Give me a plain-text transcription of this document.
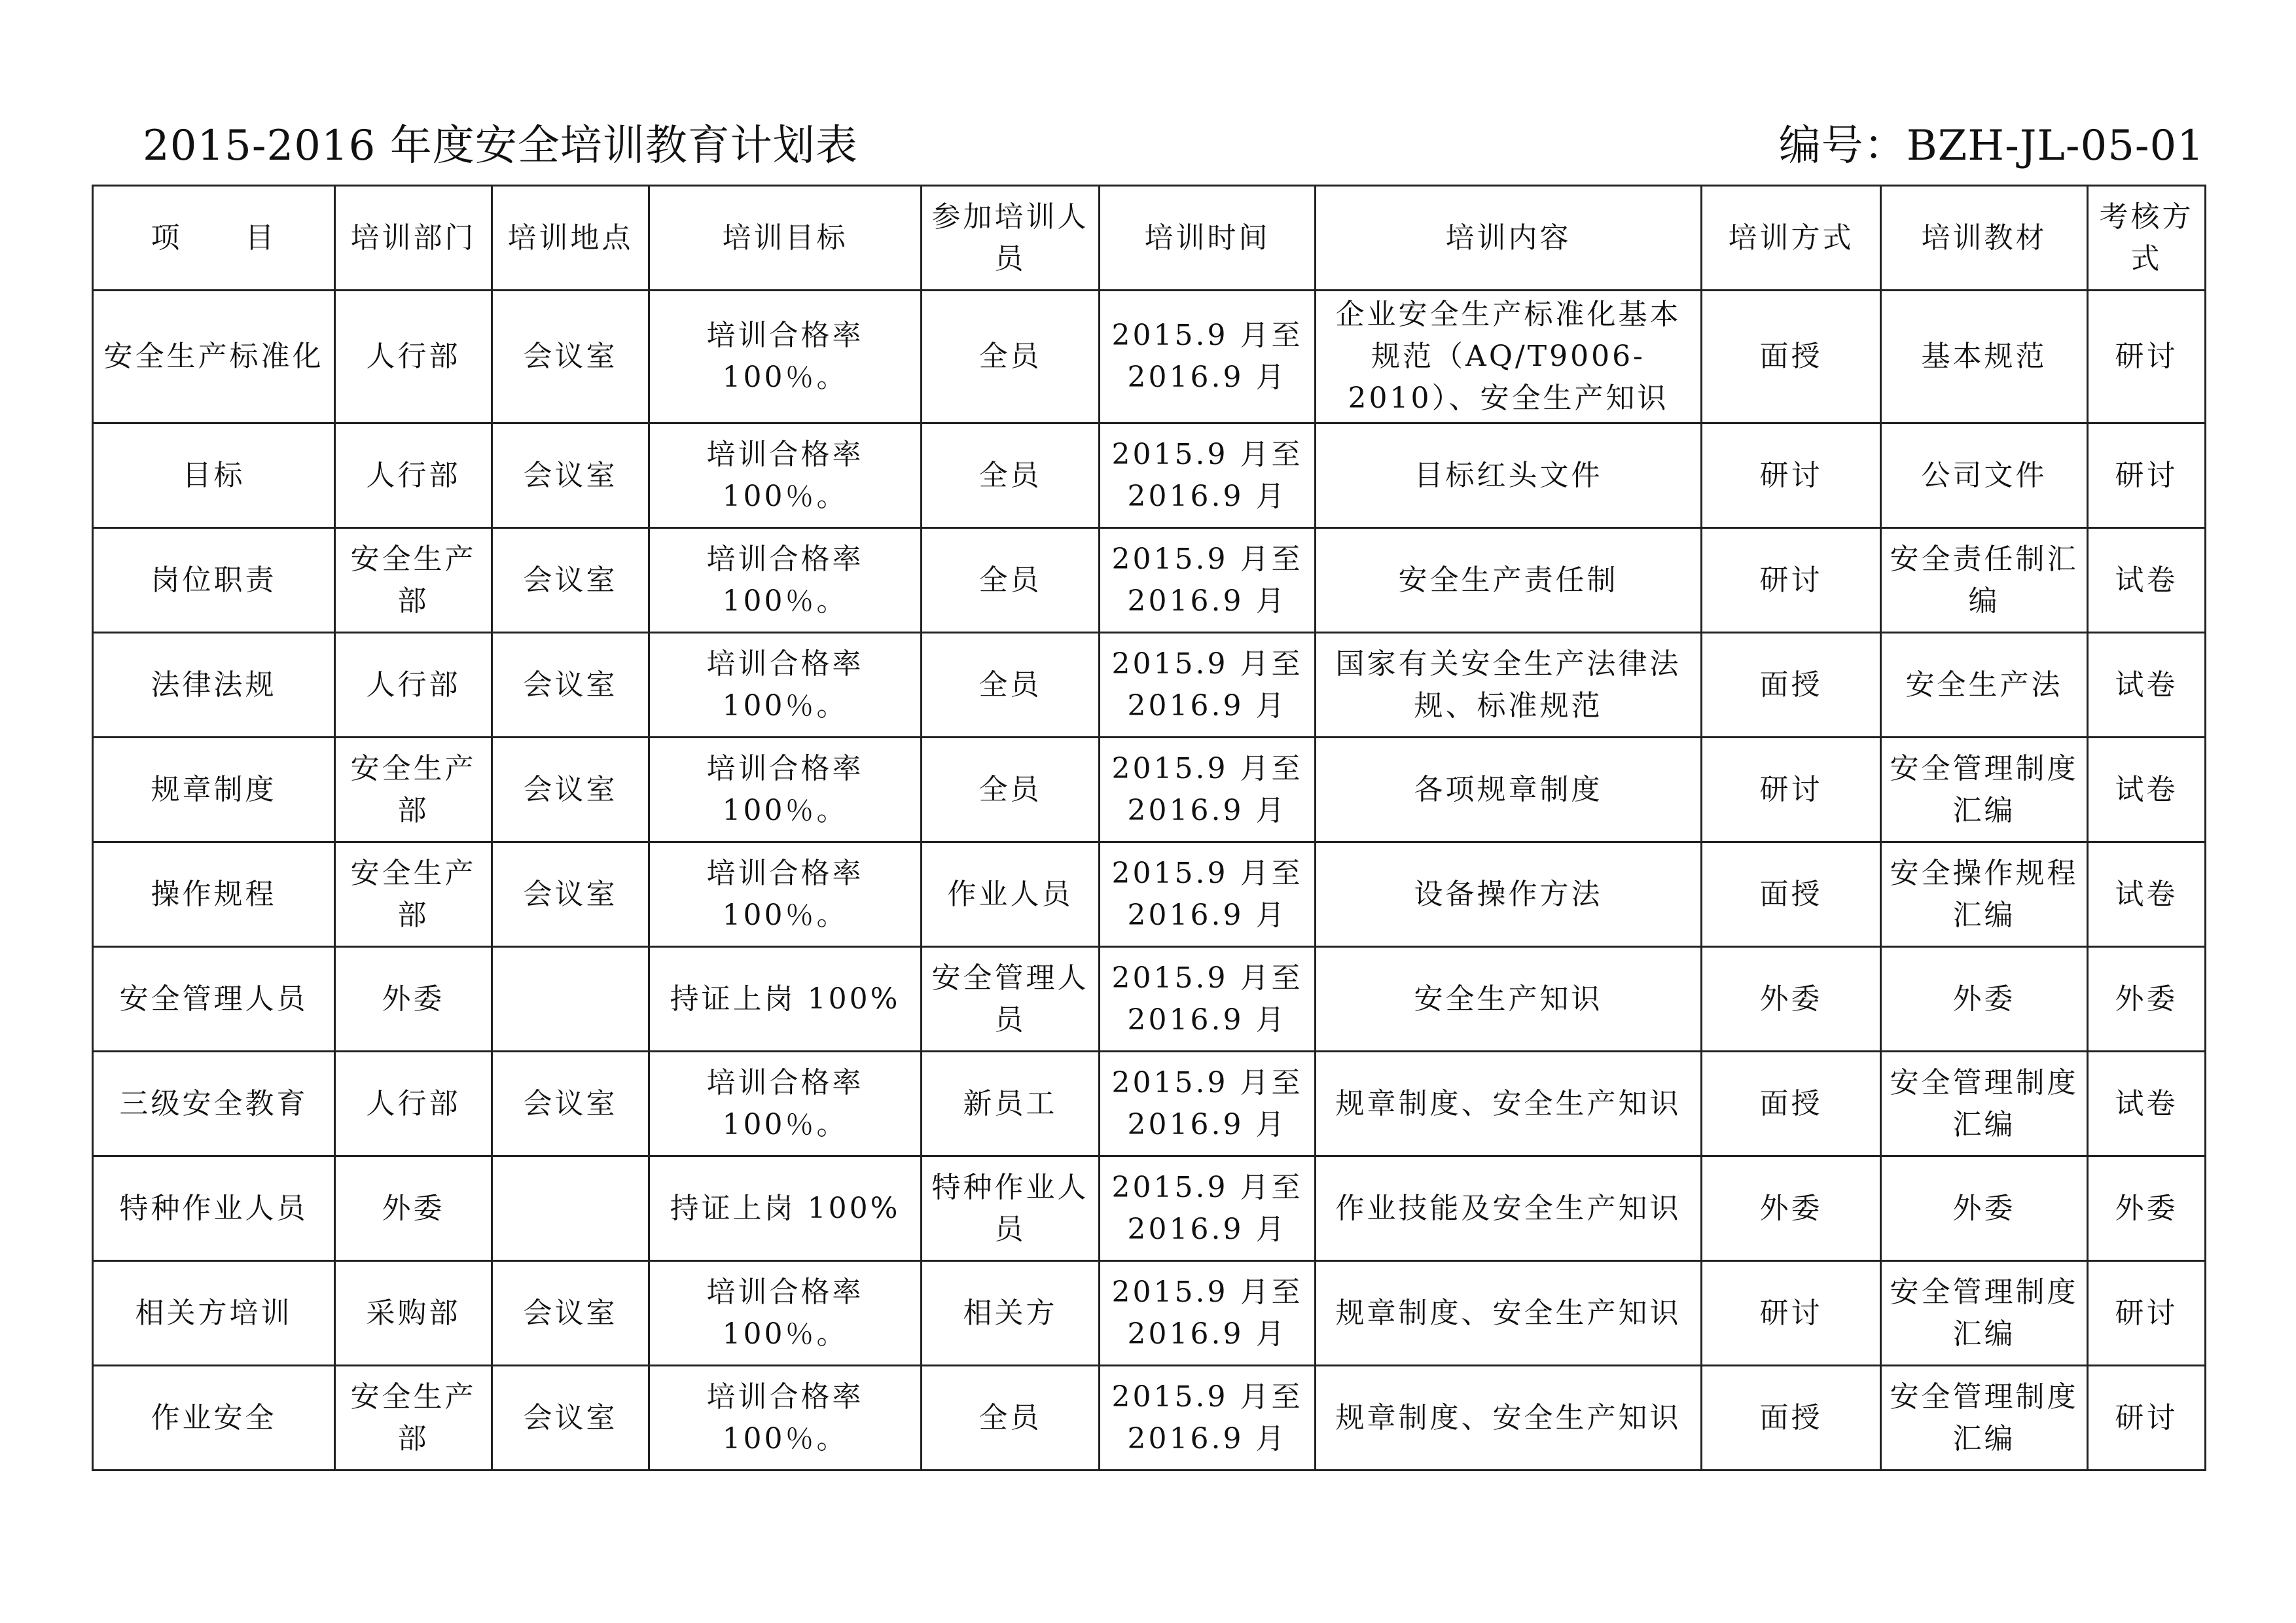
2015-2016 年度安全培训教育计划表	编号：BZH-JL-05-01
项　　目	培训部门	培训地点	培训目标	参加培训人员	培训时间	培训内容	培训方式	培训教材	考核方式
安全生产标准化	人行部	会议室	培训合格率 100％。	全员	2015.9 月至 2016.9 月	企业安全生产标准化基本规范（AQ/T9006-2010）、安全生产知识	面授	基本规范	研讨
目标	人行部	会议室	培训合格率 100％。	全员	2015.9 月至 2016.9 月	目标红头文件	研讨	公司文件	研讨
岗位职责	安全生产部	会议室	培训合格率 100％。	全员	2015.9 月至 2016.9 月	安全生产责任制	研讨	安全责任制汇编	试卷
法律法规	人行部	会议室	培训合格率 100％。	全员	2015.9 月至 2016.9 月	国家有关安全生产法律法规、标准规范	面授	安全生产法	试卷
规章制度	安全生产部	会议室	培训合格率 100％。	全员	2015.9 月至 2016.9 月	各项规章制度	研讨	安全管理制度汇编	试卷
操作规程	安全生产部	会议室	培训合格率 100％。	作业人员	2015.9 月至 2016.9 月	设备操作方法	面授	安全操作规程汇编	试卷
安全管理人员	外委		持证上岗 100%	安全管理人员	2015.9 月至 2016.9 月	安全生产知识	外委	外委	外委
三级安全教育	人行部	会议室	培训合格率 100％。	新员工	2015.9 月至 2016.9 月	规章制度、安全生产知识	面授	安全管理制度汇编	试卷
特种作业人员	外委		持证上岗 100%	特种作业人员	2015.9 月至 2016.9 月	作业技能及安全生产知识	外委	外委	外委
相关方培训	采购部	会议室	培训合格率 100％。	相关方	2015.9 月至 2016.9 月	规章制度、安全生产知识	研讨	安全管理制度汇编	研讨
作业安全	安全生产部	会议室	培训合格率 100％。	全员	2015.9 月至 2016.9 月	规章制度、安全生产知识	面授	安全管理制度汇编	研讨
